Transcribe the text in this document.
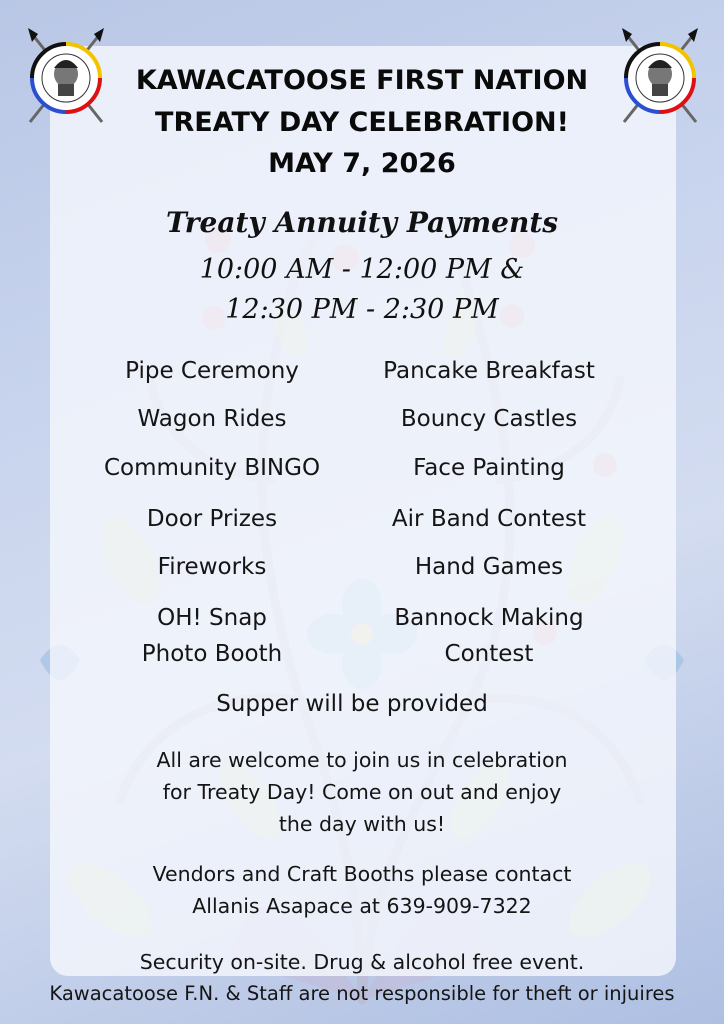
KAWACATOOSE FIRST NATION
TREATY DAY CELEBRATION!
MAY 7, 2026
Treaty Annuity Payments
10:00 AM - 12:00 PM &
12:30 PM - 2:30 PM
Pipe Ceremony
Wagon Rides
Community BINGO
Door Prizes
Fireworks
OH! Snap
Photo Booth
Pancake Breakfast
Bouncy Castles
Face Painting
Air Band Contest
Hand Games
Bannock Making
Contest
Supper will be provided
All are welcome to join us in celebration
for Treaty Day! Come on out and enjoy
the day with us!
Vendors and Craft Booths please contact
Allanis Asapace at 639-909-7322
Security on-site. Drug & alcohol free event.
Kawacatoose F.N. & Staff are not responsible for theft or injuires
